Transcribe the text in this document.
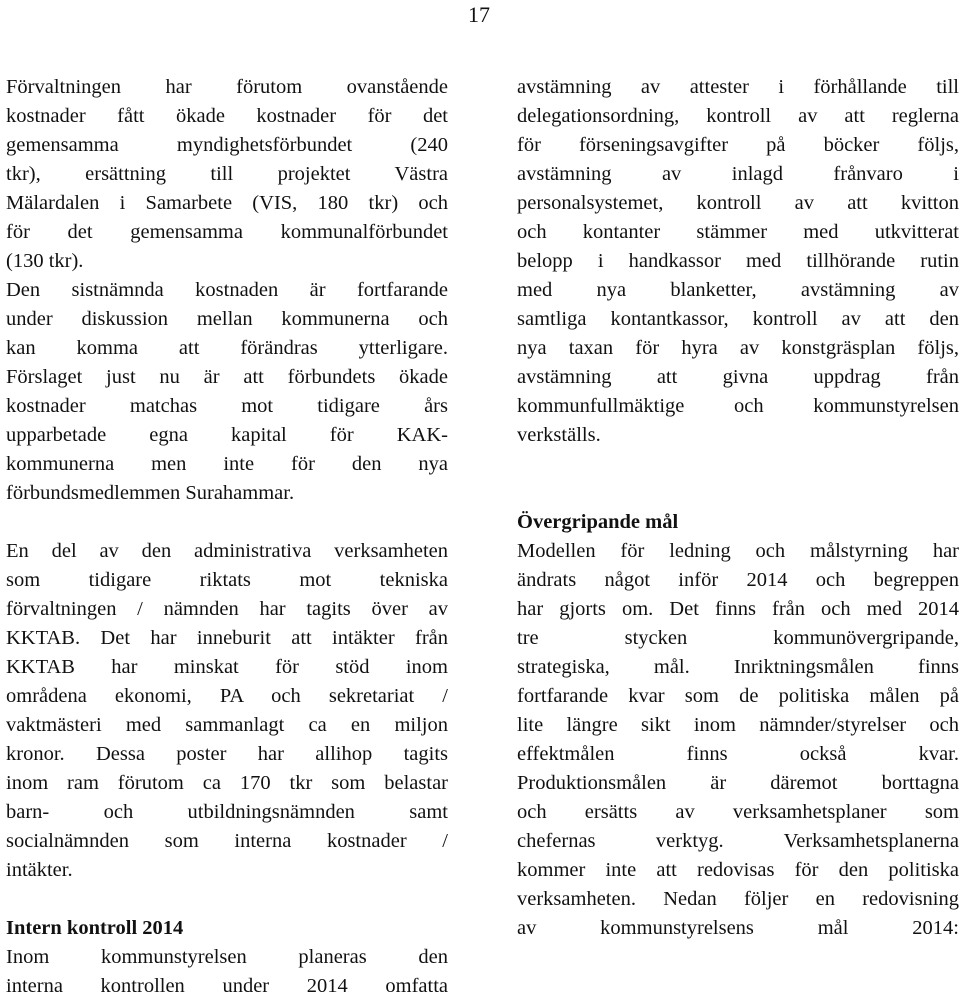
17
Förvaltningen har förutom ovanstående
kostnader fått ökade kostnader för det
gemensamma myndighetsförbundet (240
tkr), ersättning till projektet Västra
Mälardalen i Samarbete (VIS, 180 tkr) och
för det gemensamma kommunalförbundet
(130 tkr).
Den sistnämnda kostnaden är fortfarande
under diskussion mellan kommunerna och
kan komma att förändras ytterligare.
Förslaget just nu är att förbundets ökade
kostnader matchas mot tidigare års
upparbetade egna kapital för KAK-
kommunerna men inte för den nya
förbundsmedlemmen Surahammar.
En del av den administrativa verksamheten
som tidigare riktats mot tekniska
förvaltningen / nämnden har tagits över av
KKTAB. Det har inneburit att intäkter från
KKTAB har minskat för stöd inom
områdena ekonomi, PA och sekretariat /
vaktmästeri med sammanlagt ca en miljon
kronor. Dessa poster har allihop tagits
inom ram förutom ca 170 tkr som belastar
barn- och utbildningsnämnden samt
socialnämnden som interna kostnader /
intäkter.
Intern kontroll 2014
Inom kommunstyrelsen planeras den
interna kontrollen under 2014 omfatta
avstämning av attester i förhållande till
delegationsordning, kontroll av att reglerna
för förseningsavgifter på böcker följs,
avstämning av inlagd frånvaro i
personalsystemet, kontroll av att kvitton
och kontanter stämmer med utkvitterat
belopp i handkassor med tillhörande rutin
med nya blanketter, avstämning av
samtliga kontantkassor, kontroll av att den
nya taxan för hyra av konstgräsplan följs,
avstämning att givna uppdrag från
kommunfullmäktige och kommunstyrelsen
verkställs.
Övergripande mål
Modellen för ledning och målstyrning har
ändrats något inför 2014 och begreppen
har gjorts om. Det finns från och med 2014
tre stycken kommunövergripande,
strategiska, mål. Inriktningsmålen finns
fortfarande kvar som de politiska målen på
lite längre sikt inom nämnder/styrelser och
effektmålen finns också kvar.
Produktionsmålen är däremot borttagna
och ersätts av verksamhetsplaner som
chefernas verktyg. Verksamhetsplanerna
kommer inte att redovisas för den politiska
verksamheten. Nedan följer en redovisning
av kommunstyrelsens mål 2014:
